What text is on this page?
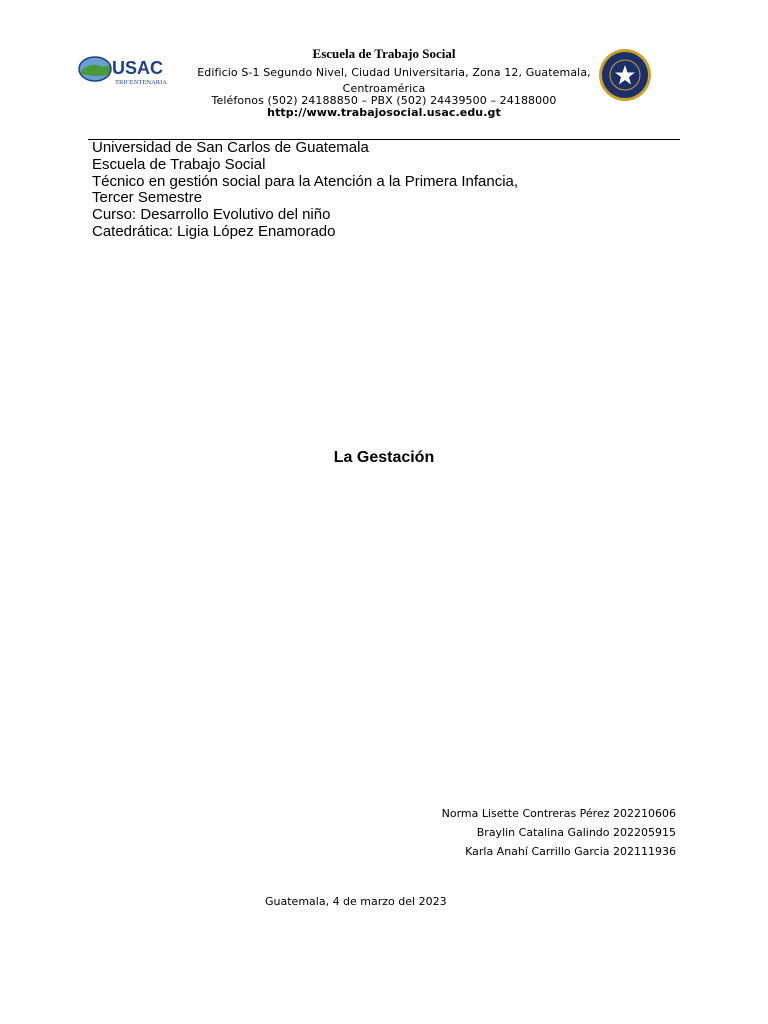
USAC
TRICENTENARIA
Escuela de Trabajo Social
Edificio S-1 Segundo Nivel, Ciudad Universitaria, Zona 12, Guatemala,
Centroamérica
Teléfonos (502) 24188850 – PBX (502) 24439500 – 24188000
http://www.trabajosocial.usac.edu.gt
Universidad de San Carlos de Guatemala
Escuela de Trabajo Social
Técnico en gestión social para la Atención a la Primera Infancia,
Tercer Semestre
Curso: Desarrollo Evolutivo del niño
Catedrática: Ligia López Enamorado
La Gestación
Norma Lisette Contreras Pérez 202210606
Braylin Catalina Galindo 202205915
Karla Anahí Carrillo Garcia 202111936
Guatemala, 4 de marzo del 2023
